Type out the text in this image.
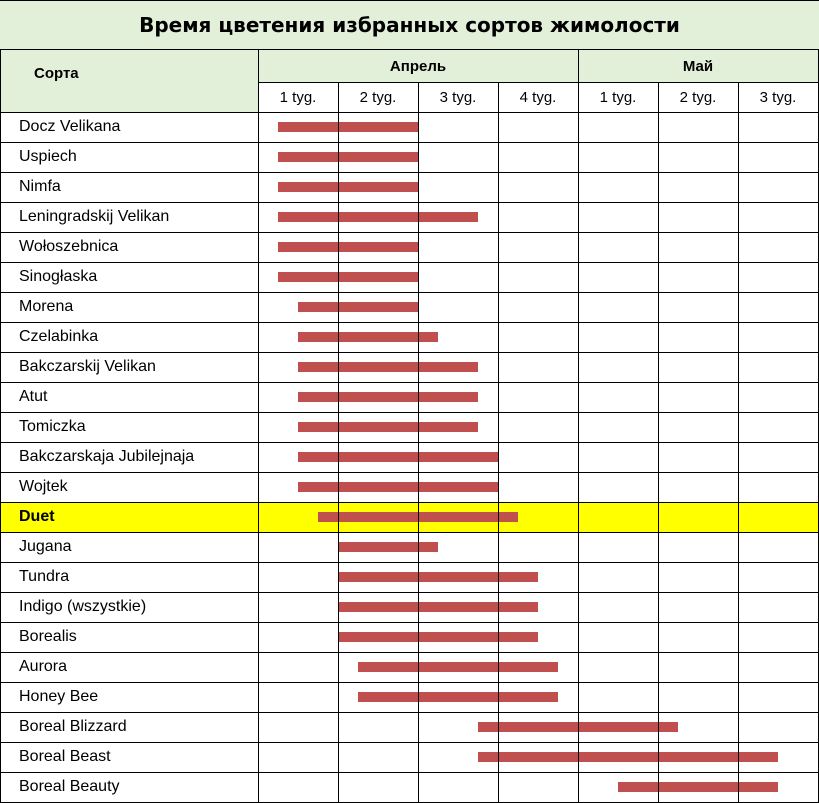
Время цветения избранных сортов жимолости
Сорта	Апрель	Май
1 tyg.	2 tyg.	3 tyg.	4 tyg.	1 tyg.	2 tyg.	3 tyg.
Docz Velikana
Uspiech
Nimfa
Leningradskij Velikan
Wołoszebnica
Sinogłaska
Morena
Czelabinka
Bakczarskij Velikan
Atut
Tomiczka
Bakczarskaja Jubilejnaja
Wojtek
Duet
Jugana
Tundra
Indigo (wszystkie)
Borealis
Aurora
Honey Bee
Boreal Blizzard
Boreal Beast
Boreal Beauty
